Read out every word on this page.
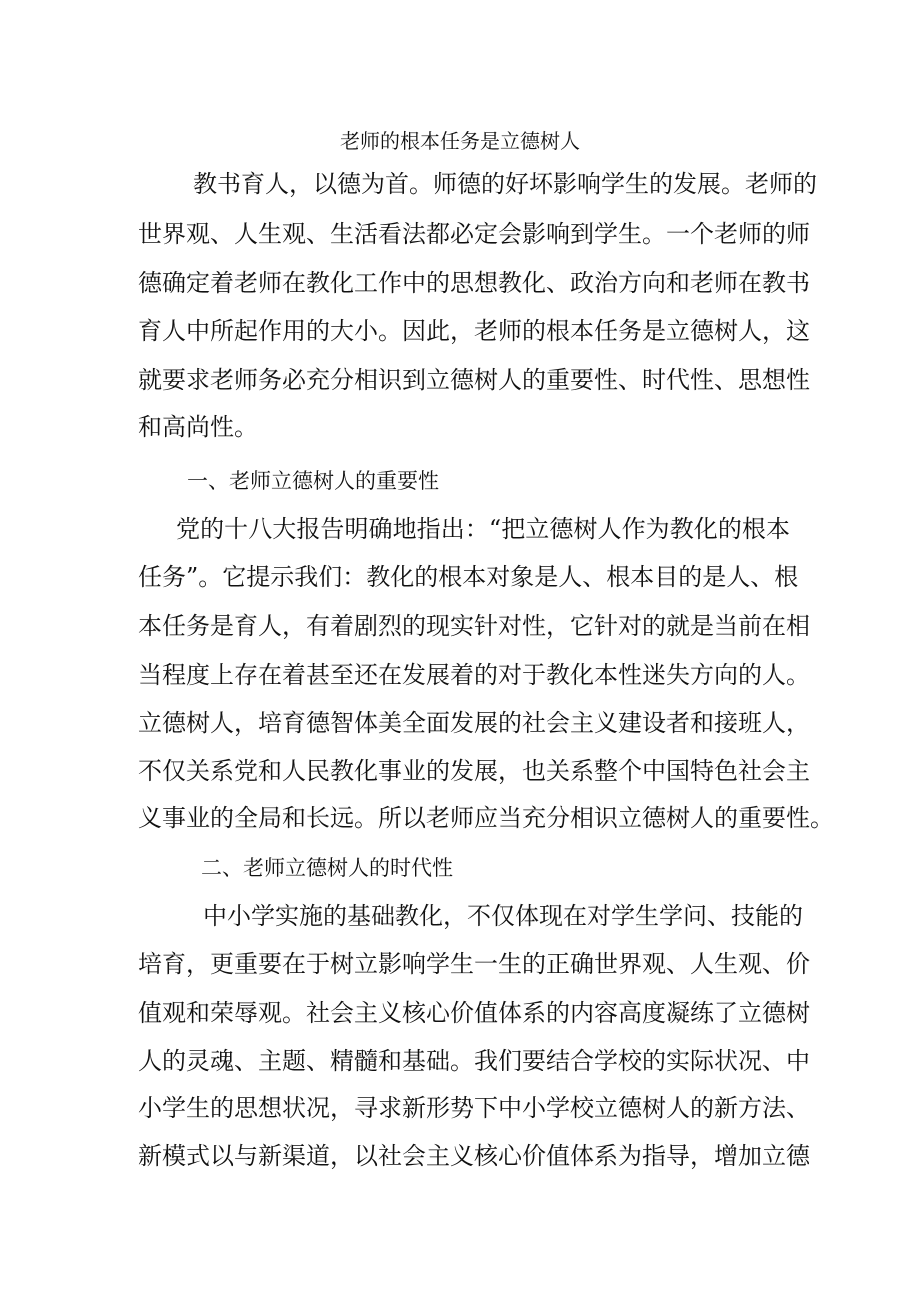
老师的根本任务是立德树人
教书育人，以德为首。师德的好坏影响学生的发展。老师的
世界观、人生观、生活看法都必定会影响到学生。一个老师的师
德确定着老师在教化工作中的思想教化、政治方向和老师在教书
育人中所起作用的大小。因此，老师的根本任务是立德树人，这
就要求老师务必充分相识到立德树人的重要性、时代性、思想性
和高尚性。
一、老师立德树人的重要性
党的十八大报告明确地指出：“把立德树人作为教化的根本
任务”。它提示我们：教化的根本对象是人、根本目的是人、根
本任务是育人，有着剧烈的现实针对性，它针对的就是当前在相
当程度上存在着甚至还在发展着的对于教化本性迷失方向的人。
立德树人，培育德智体美全面发展的社会主义建设者和接班人，
不仅关系党和人民教化事业的发展，也关系整个中国特色社会主
义事业的全局和长远。所以老师应当充分相识立德树人的重要性。
二、老师立德树人的时代性
中小学实施的基础教化，不仅体现在对学生学问、技能的
培育，更重要在于树立影响学生一生的正确世界观、人生观、价
值观和荣辱观。社会主义核心价值体系的内容高度凝练了立德树
人的灵魂、主题、精髓和基础。我们要结合学校的实际状况、中
小学生的思想状况，寻求新形势下中小学校立德树人的新方法、
新模式以与新渠道，以社会主义核心价值体系为指导，增加立德
